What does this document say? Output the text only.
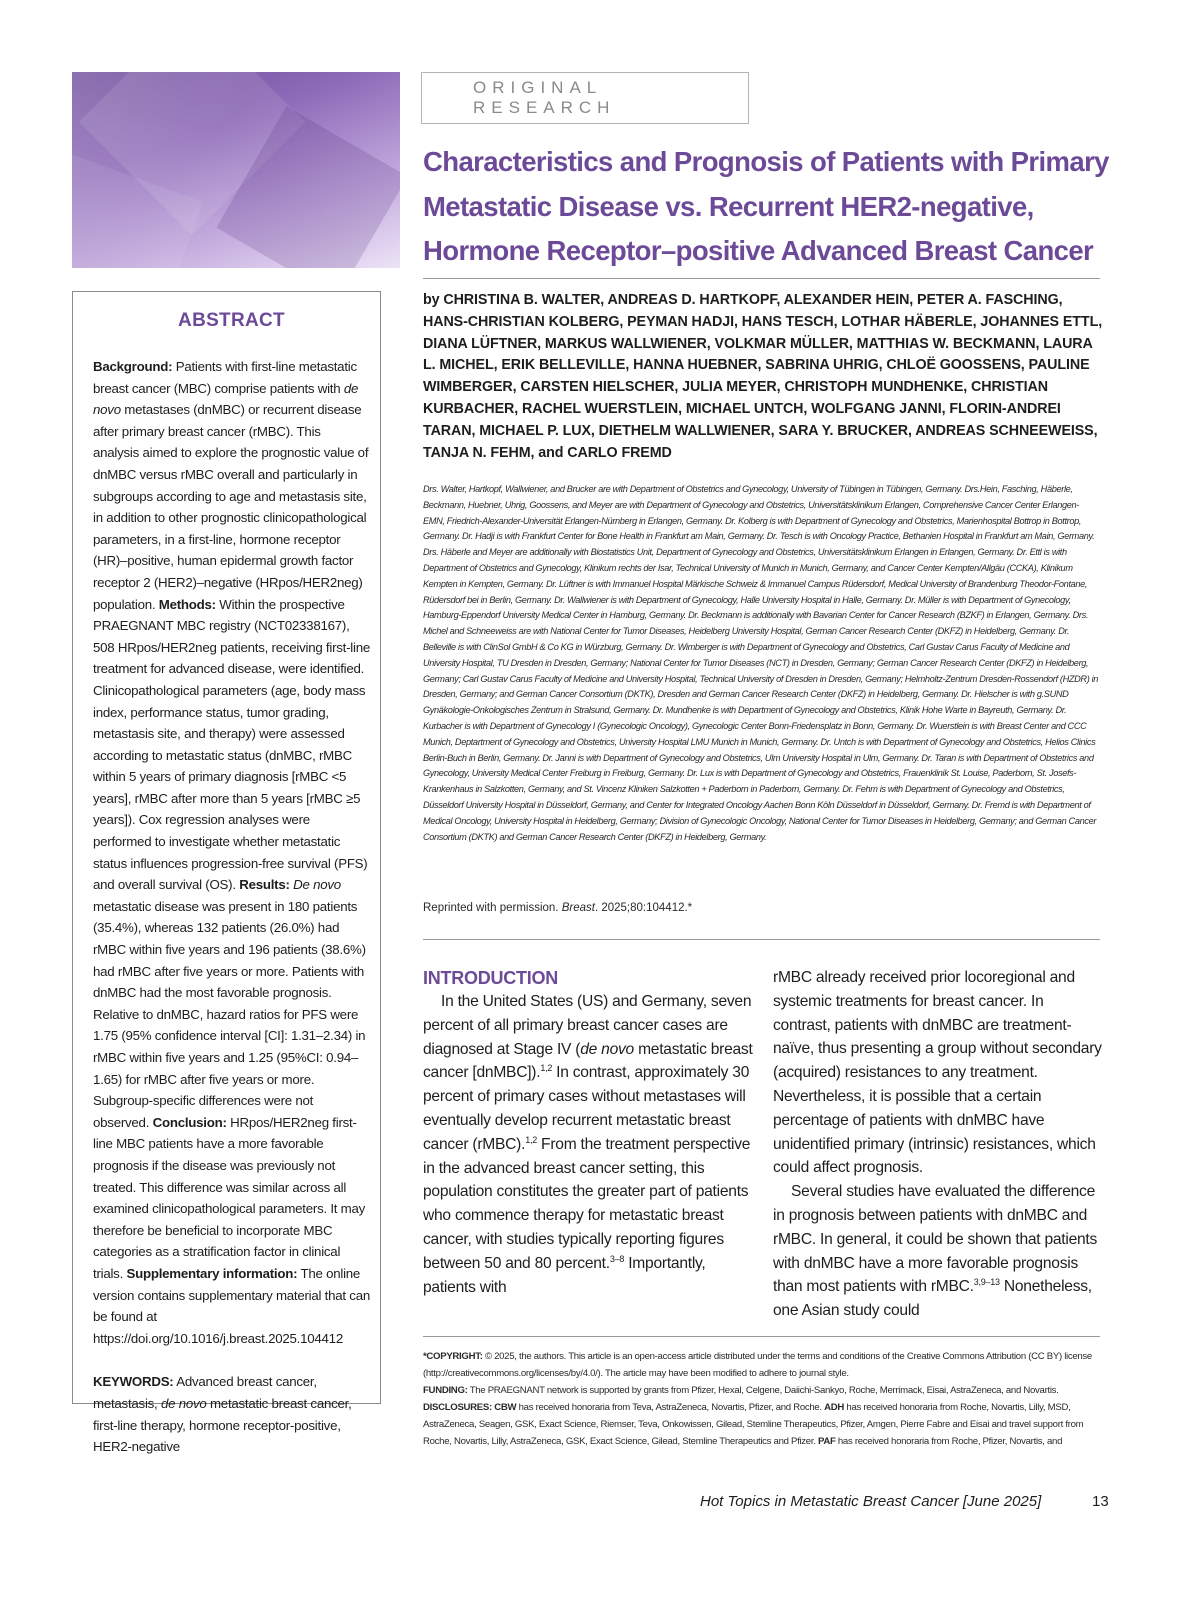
ORIGINAL RESEARCH
Characteristics and Prognosis of Patients with Primary Metastatic Disease vs. Recurrent HER2-negative, Hormone Receptor–positive Advanced Breast Cancer
by CHRISTINA B. WALTER, ANDREAS D. HARTKOPF, ALEXANDER HEIN, PETER A. FASCHING, HANS-CHRISTIAN KOLBERG, PEYMAN HADJI, HANS TESCH, LOTHAR HÄBERLE, JOHANNES ETTL, DIANA LÜFTNER, MARKUS WALLWIENER, VOLKMAR MÜLLER, MATTHIAS W. BECKMANN, LAURA L. MICHEL, ERIK BELLEVILLE, HANNA HUEBNER, SABRINA UHRIG, CHLOË GOOSSENS, PAULINE WIMBERGER, CARSTEN HIELSCHER, JULIA MEYER, CHRISTOPH MUNDHENKE, CHRISTIAN KURBACHER, RACHEL WUERSTLEIN, MICHAEL UNTCH, WOLFGANG JANNI, FLORIN-ANDREI TARAN, MICHAEL P. LUX, DIETHELM WALLWIENER, SARA Y. BRUCKER, ANDREAS SCHNEEWEISS, TANJA N. FEHM, and CARLO FREMD
Drs. Walter, Hartkopf, Wallwiener, and Brucker are with Department of Obstetrics and Gynecology, University of Tübingen in Tübingen, Germany. Drs.Hein, Fasching, Häberle, Beckmann, Huebner, Uhrig, Goossens, and Meyer are with Department of Gynecology and Obstetrics, Universitätsklinikum Erlangen, Comprehensive Cancer Center Erlangen-EMN, Friedrich-Alexander-Universität Erlangen-Nürnberg in Erlangen, Germany. Dr. Kolberg is with Department of Gynecology and Obstetrics, Marienhospital Bottrop in Bottrop, Germany. Dr. Hadji is with Frankfurt Center for Bone Health in Frankfurt am Main, Germany. Dr. Tesch is with Oncology Practice, Bethanien Hospital in Frankfurt am Main, Germany. Drs. Häberle and Meyer are additionally with Biostatistics Unit, Department of Gynecology and Obstetrics, Universitätsklinikum Erlangen in Erlangen, Germany. Dr. Ettl is with Department of Obstetrics and Gynecology, Klinikum rechts der Isar, Technical University of Munich in Munich, Germany, and Cancer Center Kempten/Allgäu (CCKA), Klinikum Kempten in Kempten, Germany. Dr. Lüftner is with Immanuel Hospital Märkische Schweiz & Immanuel Campus Rüdersdorf, Medical University of Brandenburg Theodor-Fontane, Rüdersdorf bei in Berlin, Germany. Dr. Wallwiener is with Department of Gynecology, Halle University Hospital in Halle, Germany. Dr. Müller is with Department of Gynecology, Hamburg-Eppendorf University Medical Center in Hamburg, Germany. Dr. Beckmann is additionally with Bavarian Center for Cancer Research (BZKF) in Erlangen, Germany. Drs. Michel and Schneeweiss are with National Center for Tumor Diseases, Heidelberg University Hospital, German Cancer Research Center (DKFZ) in Heidelberg, Germany. Dr. Belleville is with ClinSol GmbH & Co KG in Würzburg, Germany. Dr. Wimberger is with Department of Gynecology and Obstetrics, Carl Gustav Carus Faculty of Medicine and University Hospital, TU Dresden in Dresden, Germany; National Center for Tumor Diseases (NCT) in Dresden, Germany; German Cancer Research Center (DKFZ) in Heidelberg, Germany; Carl Gustav Carus Faculty of Medicine and University Hospital, Technical University of Dresden in Dresden, Germany; Helmholtz-Zentrum Dresden-Rossendorf (HZDR) in Dresden, Germany; and German Cancer Consortium (DKTK), Dresden and German Cancer Research Center (DKFZ) in Heidelberg, Germany. Dr. Hielscher is with g.SUND Gynäkologie-Onkologisches Zentrum in Stralsund, Germany. Dr. Mundhenke is with Department of Gynecology and Obstetrics, Klinik Hohe Warte in Bayreuth, Germany. Dr. Kurbacher is with Department of Gynecology I (Gynecologic Oncology), Gynecologic Center Bonn-Friedensplatz in Bonn, Germany. Dr. Wuerstlein is with Breast Center and CCC Munich, Deptartment of Gynecology and Obstetrics, University Hospital LMU Munich in Munich, Germany. Dr. Untch is with Department of Gynecology and Obstetrics, Helios Clinics Berlin-Buch in Berlin, Germany. Dr. Janni is with Department of Gynecology and Obstetrics, Ulm University Hospital in Ulm, Germany. Dr. Taran is with Department of Obstetrics and Gynecology, University Medical Center Freiburg in Freiburg, Germany. Dr. Lux is with Department of Gynecology and Obstetrics, Frauenklinik St. Louise, Paderborn, St. Josefs-Krankenhaus in Salzkotten, Germany, and St. Vincenz Kliniken Salzkotten + Paderborn in Paderborn, Germany. Dr. Fehm is with Department of Gynecology and Obstetrics, Düsseldorf University Hospital in Düsseldorf, Germany, and Center for Integrated Oncology Aachen Bonn Köln Düsseldorf in Düsseldorf, Germany. Dr. Fremd is with Department of Medical Oncology, University Hospital in Heidelberg, Germany; Division of Gynecologic Oncology, National Center for Tumor Diseases in Heidelberg, Germany; and German Cancer Consortium (DKTK) and German Cancer Research Center (DKFZ) in Heidelberg, Germany.
Reprinted with permission. Breast. 2025;80:104412.*
ABSTRACT
Background: Patients with first-line metastatic breast cancer (MBC) comprise patients with de novo metastases (dnMBC) or recurrent disease after primary breast cancer (rMBC). This analysis aimed to explore the prognostic value of dnMBC versus rMBC overall and particularly in subgroups according to age and metastasis site, in addition to other prognostic clinicopathological parameters, in a first-line, hormone receptor (HR)–positive, human epidermal growth factor receptor 2 (HER2)–negative (HRpos/HER2neg) population. Methods: Within the prospective PRAEGNANT MBC registry (NCT02338167), 508 HRpos/HER2neg patients, receiving first-line treatment for advanced disease, were identified. Clinicopathological parameters (age, body mass index, performance status, tumor grading, metastasis site, and therapy) were assessed according to metastatic status (dnMBC, rMBC within 5 years of primary diagnosis [rMBC <5 years], rMBC after more than 5 years [rMBC ≥5 years]). Cox regression analyses were performed to investigate whether metastatic status influences progression-free survival (PFS) and overall survival (OS). Results: De novo metastatic disease was present in 180 patients (35.4%), whereas 132 patients (26.0%) had rMBC within five years and 196 patients (38.6%) had rMBC after five years or more. Patients with dnMBC had the most favorable prognosis. Relative to dnMBC, hazard ratios for PFS were 1.75 (95% confidence interval [CI]: 1.31–2.34) in rMBC within five years and 1.25 (95%CI: 0.94–1.65) for rMBC after five years or more. Subgroup-specific differences were not observed. Conclusion: HRpos/HER2neg first-line MBC patients have a more favorable prognosis if the disease was previously not treated. This difference was similar across all examined clinicopathological parameters. It may therefore be beneficial to incorporate MBC categories as a stratification factor in clinical trials. Supplementary information: The online version contains supplementary material that can be found at https://doi.org/10.1016/j.breast.2025.104412
KEYWORDS: Advanced breast cancer, metastasis, de novo metastatic breast cancer, first-line therapy, hormone receptor-positive, HER2-negative
INTRODUCTION

In the United States (US) and Germany, seven percent of all primary breast cancer cases are diagnosed at Stage IV (de novo metastatic breast cancer [dnMBC]).$^{1,2}$ In contrast, approximately 30 percent of primary cases without metastases will eventually develop recurrent metastatic breast cancer (rMBC).$^{1,2}$ From the treatment perspective in the advanced breast cancer setting, this population constitutes the greater part of patients who commence therapy for metastatic breast cancer, with studies typically reporting figures between 50 and 80 percent.$^{3-8}$ Importantly, patients with

rMBC already received prior locoregional and systemic treatments for breast cancer. In contrast, patients with dnMBC are treatment-naïve, thus presenting a group without secondary (acquired) resistances to any treatment. Nevertheless, it is possible that a certain percentage of patients with dnMBC have unidentified primary (intrinsic) resistances, which could affect prognosis.

Several studies have evaluated the difference in prognosis between patients with dnMBC and rMBC. In general, it could be shown that patients with dnMBC have a more favorable prognosis than most patients with rMBC.$^{3,9-13}$ Nonetheless, one Asian study could

*COPYRIGHT: © 2025, the authors. This article is an open-access article distributed under the terms and conditions of the Creative Commons Attribution (CC BY) license (http://creativecommons.org/licenses/by/4.0/). The article may have been modified to adhere to journal style.

FUNDING: The PRAEGNANT network is supported by grants from Pfizer, Hexal, Celgene, Daiichi-Sankyo, Roche, Merrimack, Eisai, AstraZeneca, and Novartis.

DISCLOSURES: CBW has received honoraria from Teva, AstraZeneca, Novartis, Pfizer, and Roche. ADH has received honoraria from Roche, Novartis, Lilly, MSD, AstraZeneca, Seagen, GSK, Exact Science, Riemser, Teva, Onkowissen, Gilead, Stemline Therapeutics, Pfizer, Amgen, Pierre Fabre and Eisai and travel support from Roche, Novartis, Lilly, AstraZeneca, GSK, Exact Science, Gilead, Stemline Therapeutics and Pfizer. PAF has received honoraria from Roche, Pfizer, Novartis, and

Hot Topics in Metastatic Breast Cancer [June 2025]	13
